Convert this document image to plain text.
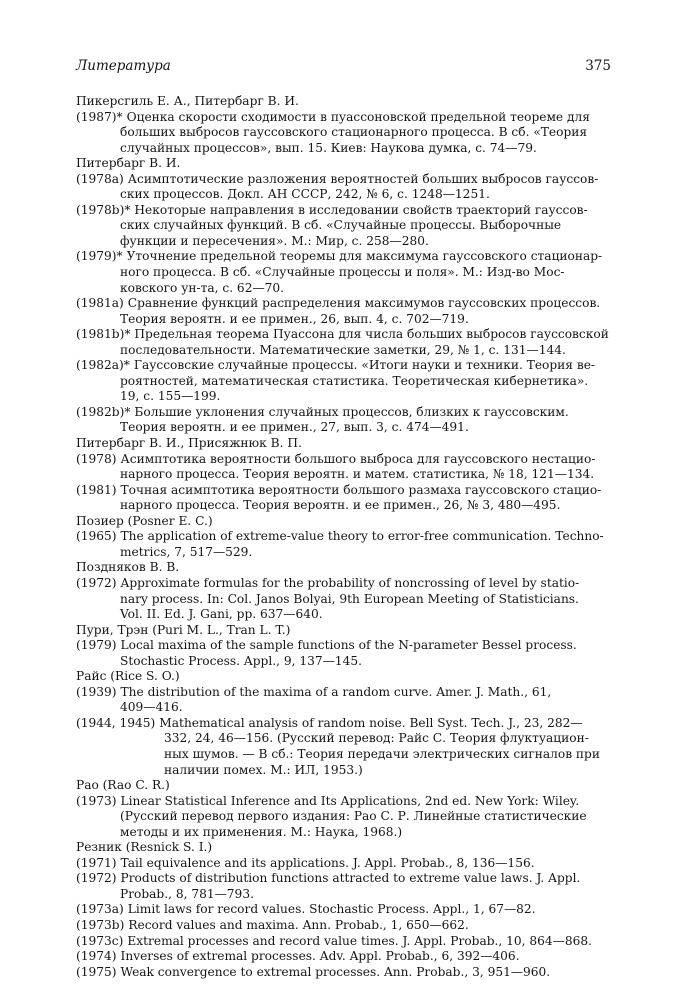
Литература	375
Пикерсгиль Е. А., Питербарг В. И.
(1987)* Оценка скорости сходимости в пуассоновской предельной теореме для
больших выбросов гауссовского стационарного процесса. В сб. «Теория
случайных процессов», вып. 15. Киев: Наукова думка, с. 74—79.
Питербарг В. И.
(1978a) Асимптотические разложения вероятностей больших выбросов гауссов-
ских процессов. Докл. АН СССР, 242, № 6, с. 1248—1251.
(1978b)* Некоторые направления в исследовании свойств траекторий гауссов-
ских случайных функций. В сб. «Случайные процессы. Выборочные
функции и пересечения». М.: Мир, с. 258—280.
(1979)* Уточнение предельной теоремы для максимума гауссовского стационар-
ного процесса. В сб. «Случайные процессы и поля». М.: Изд-во Мос-
ковского ун-та, с. 62—70.
(1981a) Сравнение функций распределения максимумов гауссовских процессов.
Теория вероятн. и ее примен., 26, вып. 4, с. 702—719.
(1981b)* Предельная теорема Пуассона для числа больших выбросов гауссовской
последовательности. Математические заметки, 29, № 1, с. 131—144.
(1982a)* Гауссовские случайные процессы. «Итоги науки и техники. Теория ве-
роятностей, математическая статистика. Теоретическая кибернетика».
19, с. 155—199.
(1982b)* Большие уклонения случайных процессов, близких к гауссовским.
Теория вероятн. и ее примен., 27, вып. 3, с. 474—491.
Питербарг В. И., Присяжнюк В. П.
(1978) Асимптотика вероятности большого выброса для гауссовского нестацио-
нарного процесса. Теория вероятн. и матем. статистика, № 18, 121—134.
(1981) Точная асимптотика вероятности большого размаха гауссовского стацио-
нарного процесса. Теория вероятн. и ее примен., 26, № 3, 480—495.
Позиер (Posner E. C.)
(1965) The application of extreme-value theory to error-free communication. Techno-
metrics, 7, 517—529.
Поздняков В. В.
(1972) Approximate formulas for the probability of noncrossing of level by statio-
nary process. In: Col. Janos Bolyai, 9th European Meeting of Statisticians.
Vol. II. Ed. J. Gani, pp. 637—640.
Пури, Трэн (Puri M. L., Tran L. T.)
(1979) Local maxima of the sample functions of the N-parameter Bessel process.
Stochastic Process. Appl., 9, 137—145.
Райс (Rice S. O.)
(1939) The distribution of the maxima of a random curve. Amer. J. Math., 61,
409—416.
(1944, 1945) Mathematical analysis of random noise. Bell Syst. Tech. J., 23, 282—
332, 24, 46—156. (Русский перевод: Райс С. Теория флуктуацион-
ных шумов. — В сб.: Теория передачи электрических сигналов при
наличии помех. М.: ИЛ, 1953.)
Рао (Rao C. R.)
(1973) Linear Statistical Inference and Its Applications, 2nd ed. New York: Wiley.
(Русский перевод первого издания: Рао С. Р. Линейные статистические
методы и их применения. М.: Наука, 1968.)
Резник (Resnick S. I.)
(1971) Tail equivalence and its applications. J. Appl. Probab., 8, 136—156.
(1972) Products of distribution functions attracted to extreme value laws. J. Appl.
Probab., 8, 781—793.
(1973a) Limit laws for record values. Stochastic Process. Appl., 1, 67—82.
(1973b) Record values and maxima. Ann. Probab., 1, 650—662.
(1973c) Extremal processes and record value times. J. Appl. Probab., 10, 864—868.
(1974) Inverses of extremal processes. Adv. Appl. Probab., 6, 392—406.
(1975) Weak convergence to extremal processes. Ann. Probab., 3, 951—960.
